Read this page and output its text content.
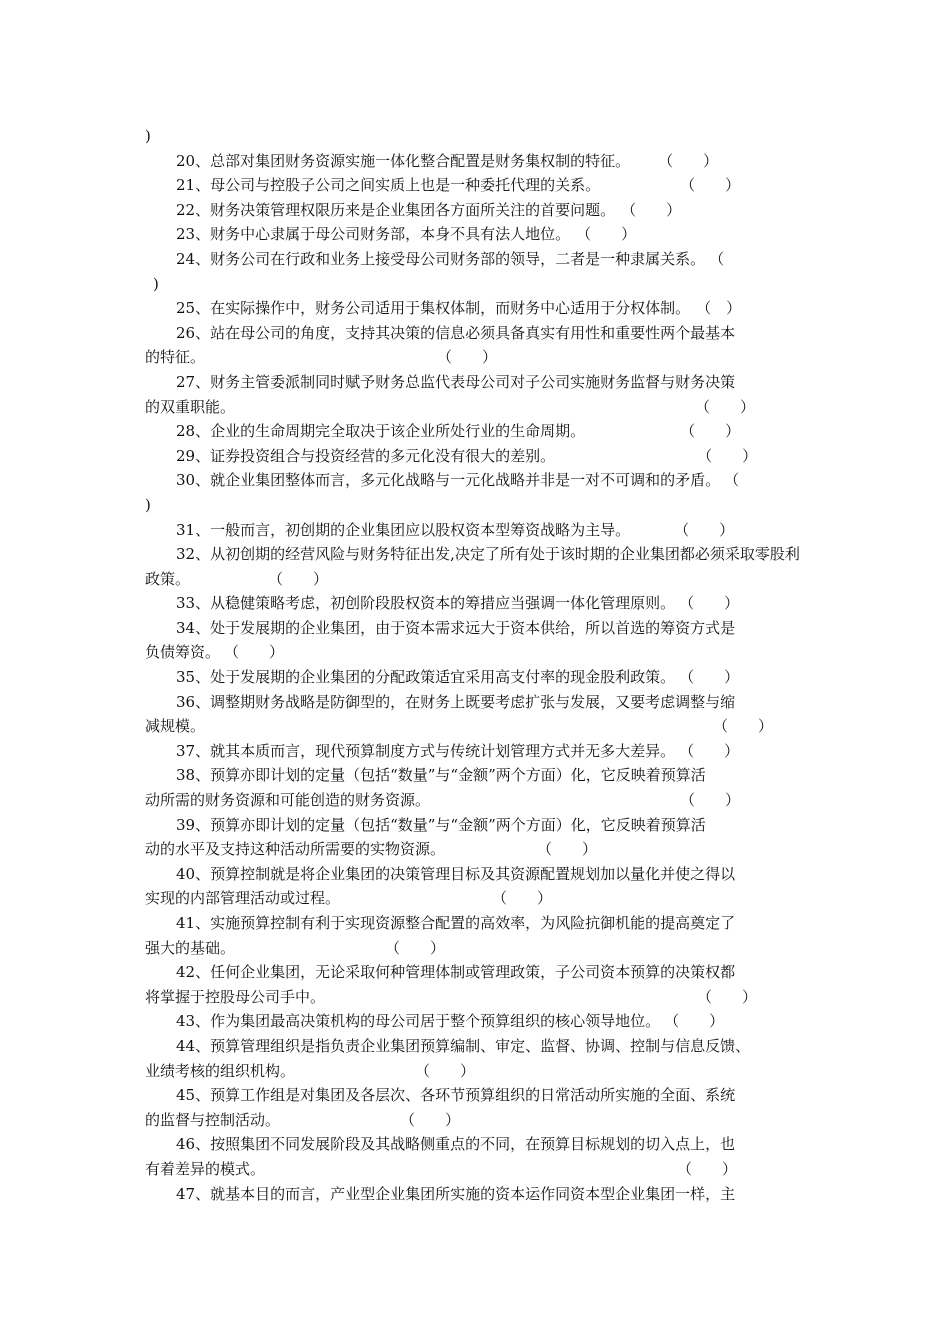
)
20、总部对集团财务资源实施一体化整合配置是财务集权制的特征。 （　　）
21、母公司与控股子公司之间实质上也是一种委托代理的关系。	（　　）
22、财务决策管理权限历来是企业集团各方面所关注的首要问题。 （　　）
23、财务中心隶属于母公司财务部，本身不具有法人地位。 （　　）
24、财务公司在行政和业务上接受母公司财务部的领导，二者是一种隶属关系。 （
)
25、在实际操作中，财务公司适用于集权体制，而财务中心适用于分权体制。 （　）
26、站在母公司的角度，支持其决策的信息必须具备真实有用性和重要性两个最基本
的特征。	（　　）
27、财务主管委派制同时赋予财务总监代表母公司对子公司实施财务监督与财务决策
的双重职能。	（　　）
28、企业的生命周期完全取决于该企业所处行业的生命周期。	（　　）
29、证券投资组合与投资经营的多元化没有很大的差别。	（　　）
30、就企业集团整体而言，多元化战略与一元化战略并非是一对不可调和的矛盾。 （
)
31、一般而言，初创期的企业集团应以股权资本型筹资战略为主导。	（　　）
32、从初创期的经营风险与财务特征出发,决定了所有处于该时期的企业集团都必须采取零股利
政策。	（　　）
33、从稳健策略考虑，初创阶段股权资本的筹措应当强调一体化管理原则。 （　　）
34、处于发展期的企业集团，由于资本需求远大于资本供给，所以首选的筹资方式是
负债筹资。 （　　）
35、处于发展期的企业集团的分配政策适宜采用高支付率的现金股利政策。 （　　）
36、调整期财务战略是防御型的，在财务上既要考虑扩张与发展，又要考虑调整与缩
减规模。	（　　）
37、就其本质而言，现代预算制度方式与传统计划管理方式并无多大差异。 （　　）
38、预算亦即计划的定量（包括“数量”与“金额”两个方面）化，它反映着预算活
动所需的财务资源和可能创造的财务资源。	（　　）
39、预算亦即计划的定量（包括“数量”与“金额”两个方面）化，它反映着预算活
动的水平及支持这种活动所需要的实物资源。	（　　）
40、预算控制就是将企业集团的决策管理目标及其资源配置规划加以量化并使之得以
实现的内部管理活动或过程。	（　　）
41、实施预算控制有利于实现资源整合配置的高效率，为风险抗御机能的提高奠定了
强大的基础。	（　　）
42、任何企业集团，无论采取何种管理体制或管理政策，子公司资本预算的决策权都
将掌握于控股母公司手中。	（　　）
43、作为集团最高决策机构的母公司居于整个预算组织的核心领导地位。 （　　）
44、预算管理组织是指负责企业集团预算编制、审定、监督、协调、控制与信息反馈、
业绩考核的组织机构。	（　　）
45、预算工作组是对集团及各层次、各环节预算组织的日常活动所实施的全面、系统
的监督与控制活动。	（　　）
46、按照集团不同发展阶段及其战略侧重点的不同，在预算目标规划的切入点上，也
有着差异的模式。	（　　）
47、就基本目的而言，产业型企业集团所实施的资本运作同资本型企业集团一样，主
